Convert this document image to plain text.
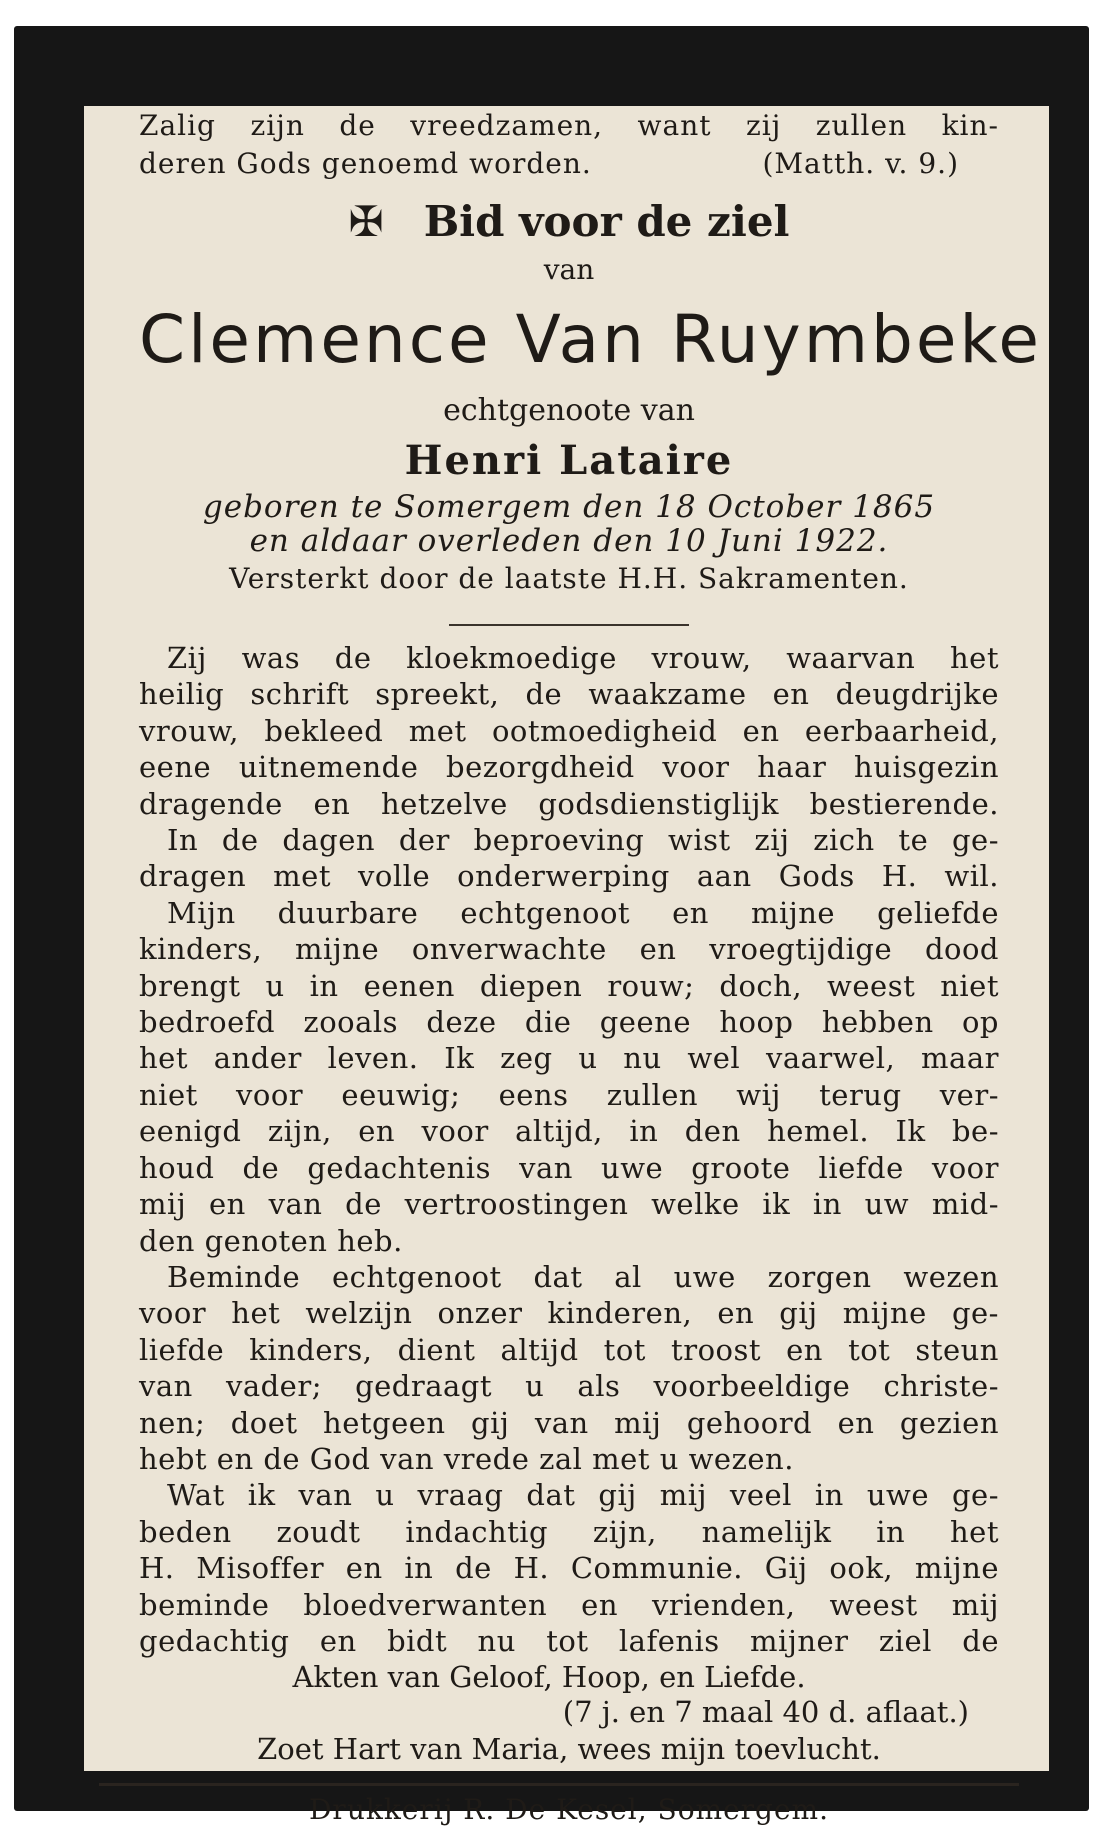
Zalig zijn de vreedzamen, want zij zullen kin-

deren Gods genoemd worden.	(Matth. v. 9.)

✠ Bid voor de ziel

van

Clemence Van Ruymbeke

echtgenoote van

Henri Lataire

geboren te Somergem den 18 October 1865

en aldaar overleden den 10 Juni 1922.

Versterkt door de laatste H.H. Sakramenten.

Zij was de kloekmoedige vrouw, waarvan het

heilig schrift spreekt, de waakzame en deugdrijke

vrouw, bekleed met ootmoedigheid en eerbaarheid,

eene uitnemende bezorgdheid voor haar huisgezin

dragende en hetzelve godsdienstiglijk bestierende.

In de dagen der beproeving wist zij zich te ge-

dragen met volle onderwerping aan Gods H. wil.

Mijn duurbare echtgenoot en mijne geliefde

kinders, mijne onverwachte en vroegtijdige dood

brengt u in eenen diepen rouw; doch, weest niet

bedroefd zooals deze die geene hoop hebben op

het ander leven. Ik zeg u nu wel vaarwel, maar

niet voor eeuwig; eens zullen wij terug ver-

eenigd zijn, en voor altijd, in den hemel. Ik be-

houd de gedachtenis van uwe groote liefde voor

mij en van de vertroostingen welke ik in uw mid-

den genoten heb.

Beminde echtgenoot dat al uwe zorgen wezen

voor het welzijn onzer kinderen, en gij mijne ge-

liefde kinders, dient altijd tot troost en tot steun

van vader; gedraagt u als voorbeeldige christe-

nen; doet hetgeen gij van mij gehoord en gezien

hebt en de God van vrede zal met u wezen.

Wat ik van u vraag dat gij mij veel in uwe ge-

beden zoudt indachtig zijn, namelijk in het

H. Misoffer en in de H. Communie. Gij ook, mijne

beminde bloedverwanten en vrienden, weest mij

gedachtig en bidt nu tot lafenis mijner ziel de

Akten van Geloof, Hoop, en Liefde.

(7 j. en 7 maal 40 d. aflaat.)

Zoet Hart van Maria, wees mijn toevlucht.

Drukkerij R. De Kesel, Somergem.
